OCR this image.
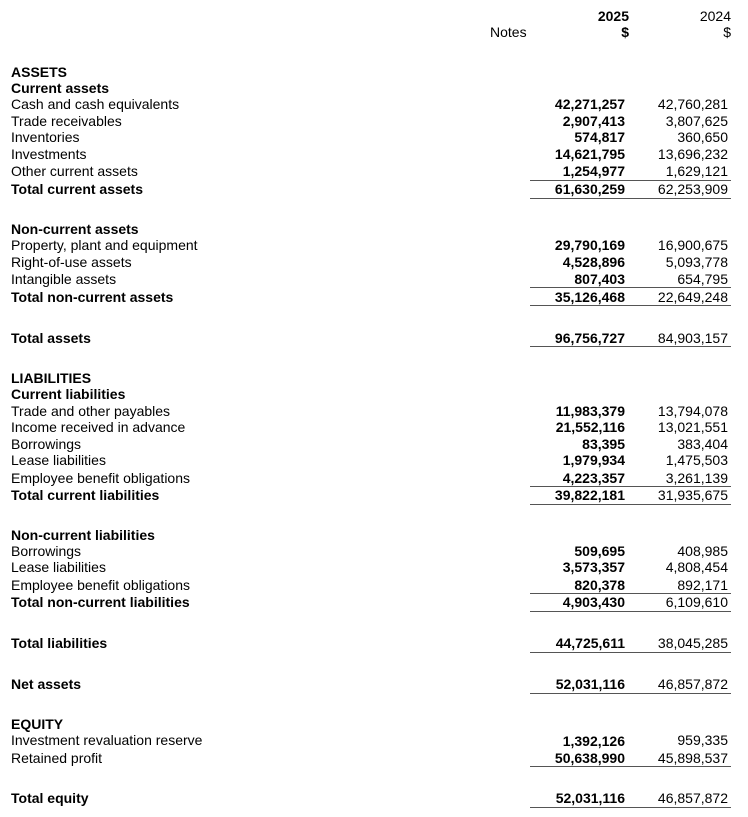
Notes
2025
$
2024
$
ASSETS
Current assets
Cash and cash equivalents	42,271,257 42,760,281
Trade receivables	2,907,413	3,807,625
Inventories	574,817	360,650
Investments	14,621,795 13,696,232
Other current assets	1,254,977	1,629,121
Total current assets	61,630,259 62,253,909
Non-current assets
Property, plant and equipment	29,790,169 16,900,675
Right-of-use assets	4,528,896	5,093,778
Intangible assets	807,403	654,795
Total non-current assets	35,126,468 22,649,248
Total assets	96,756,727 84,903,157
LIABILITIES
Current liabilities
Trade and other payables	11,983,379 13,794,078
Income received in advance	21,552,116 13,021,551
Borrowings	83,395	383,404
Lease liabilities	1,979,934	1,475,503
Employee benefit obligations	4,223,357	3,261,139
Total current liabilities	39,822,181 31,935,675
Non-current liabilities
Borrowings	509,695	408,985
Lease liabilities	3,573,357	4,808,454
Employee benefit obligations	820,378	892,171
Total non-current liabilities	4,903,430	6,109,610
Total liabilities	44,725,611 38,045,285
Net assets	52,031,116 46,857,872
EQUITY
Investment revaluation reserve	1,392,126	959,335
Retained profit	50,638,990 45,898,537
Total equity	52,031,116 46,857,872
